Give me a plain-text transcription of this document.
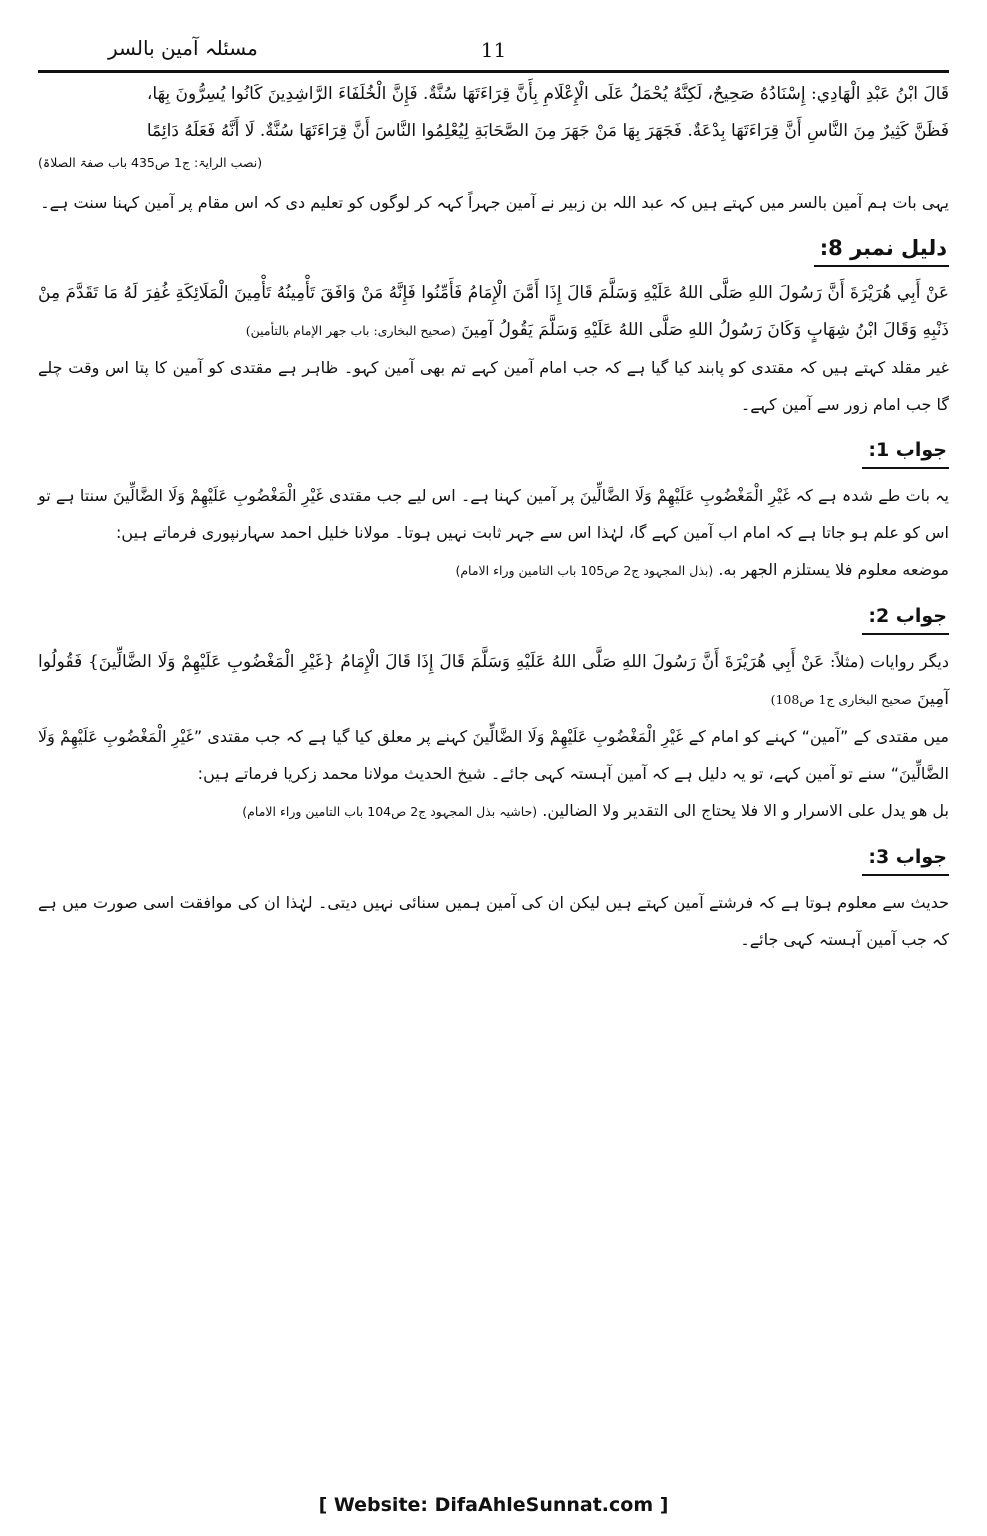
مسئلہ آمین بالسر	11

قَالَ ابْنُ عَبْدِ الْهَادِي: إِسْنَادُهُ صَحِيحٌ، لَكِنَّهُ يُحْمَلُ عَلَى الْإِعْلَامِ بِأَنَّ قِرَاءَتَهَا سُنَّةٌ. فَإِنَّ الْخُلَفَاءَ الرَّاشِدِينَ كَانُوا يُسِرُّونَ بِهَا،

فَظَنَّ كَثِيرٌ مِنَ النَّاسِ أَنَّ قِرَاءَتَهَا بِدْعَةٌ. فَجَهَرَ بِهَا مَنْ جَهَرَ مِنَ الصَّحَابَةِ لِيُعْلِمُوا النَّاسَ أَنَّ قِرَاءَتَهَا سُنَّةٌ. لَا أَنَّهُ فَعَلَهُ دَائِمًا

(نصب الرایۃ: ج1 ص435 باب صفۃ الصلاۃ)

یہی بات ہم آمین بالسر میں کہتے ہیں کہ عبد اللہ بن زبیر نے آمین جہراً کہہ کر لوگوں کو تعلیم دی کہ اس مقام پر آمین کہنا سنت ہے۔

دلیل نمبر 8:

عَنْ أَبِي هُرَيْرَةَ أَنَّ رَسُولَ اللهِ صَلَّى اللهُ عَلَيْهِ وَسَلَّمَ قَالَ إِذَا أَمَّنَ الْإِمَامُ فَأَمِّنُوا فَإِنَّهُ مَنْ وَافَقَ تَأْمِينُهُ تَأْمِينَ الْمَلَائِكَةِ غُفِرَ لَهُ مَا تَقَدَّمَ مِنْ ذَنْبِهِ وَقَالَ ابْنُ شِهَابٍ وَكَانَ رَسُولُ اللهِ صَلَّى اللهُ عَلَيْهِ وَسَلَّمَ يَقُولُ آمِينَ (صحیح البخاری: باب جهر الإمام بالتأمين)

غیر مقلد کہتے ہیں کہ مقتدی کو پابند کیا گیا ہے کہ جب امام آمین کہے تم بھی آمین کہو۔ ظاہر ہے مقتدی کو آمین کا پتا اس وقت چلے گا جب امام زور سے آمین کہے۔

جواب 1:

یہ بات طے شدہ ہے کہ غَيْرِ الْمَغْضُوبِ عَلَيْهِمْ وَلَا الضَّالِّينَ پر آمین کہنا ہے۔ اس لیے جب مقتدی غَيْرِ الْمَغْضُوبِ عَلَيْهِمْ وَلَا الضَّالِّينَ سنتا ہے تو اس کو علم ہو جاتا ہے کہ امام اب آمین کہے گا، لہٰذا اس سے جہر ثابت نہیں ہوتا۔ مولانا خلیل احمد سہارنپوری فرماتے ہیں:

موضعه معلوم فلا يستلزم الجهر به. (بذل المجہود ج2 ص105 باب التامین وراء الامام)

جواب 2:

دیگر روایات (مثلاً: عَنْ أَبِي هُرَيْرَةَ أَنَّ رَسُولَ اللهِ صَلَّى اللهُ عَلَيْهِ وَسَلَّمَ قَالَ إِذَا قَالَ الْإِمَامُ {غَيْرِ الْمَغْضُوبِ عَلَيْهِمْ وَلَا الضَّالِّينَ} فَقُولُوا آمِينَ صحیح البخاری ج1 ص108)

میں مقتدی کے ”آمین“ کہنے کو امام کے غَيْرِ الْمَغْضُوبِ عَلَيْهِمْ وَلَا الضَّالِّينَ کہنے پر معلق کیا گیا ہے کہ جب مقتدی ”غَيْرِ الْمَغْضُوبِ عَلَيْهِمْ وَلَا الضَّالِّينَ“ سنے تو آمین کہے، تو یہ دلیل ہے کہ آمین آہستہ کہی جائے۔ شیخ الحدیث مولانا محمد زکریا فرماتے ہیں:

بل هو يدل على الاسرار و الا فلا يحتاج الى التقدير ولا الضالين. (حاشیہ بذل المجہود ج2 ص104 باب التامین وراء الامام)

جواب 3:

حدیث سے معلوم ہوتا ہے کہ فرشتے آمین کہتے ہیں لیکن ان کی آمین ہمیں سنائی نہیں دیتی۔ لہٰذا ان کی موافقت اسی صورت میں ہے کہ جب آمین آہستہ کہی جائے۔

[ Website: DifaAhleSunnat.com ]
